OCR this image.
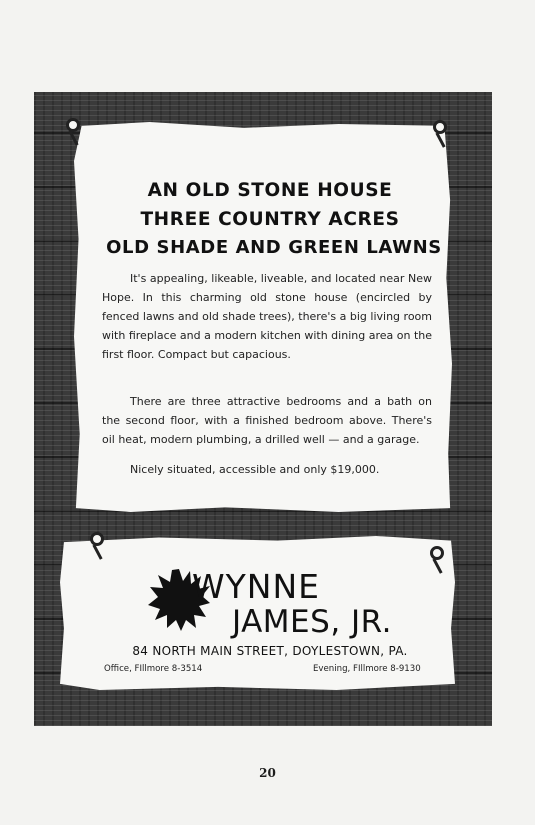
AN OLD STONE HOUSE
THREE COUNTRY ACRES
OLD SHADE AND GREEN LAWNS

It's appealing, likeable, liveable, and located near New Hope. In this charming old stone house (encircled by fenced lawns and old shade trees), there's a big living room with fireplace and a modern kitchen with dining area on the first floor. Compact but capacious.

There are three attractive bedrooms and a bath on the second floor, with a finished bedroom above. There's oil heat, modern plumbing, a drilled well — and a garage.

Nicely situated, accessible and only $19,000.

WYNNE

JAMES, JR.

84 NORTH MAIN STREET, DOYLESTOWN, PA.

Office, FIllmore 8-3514	Evening, FIllmore 8-9130

20
